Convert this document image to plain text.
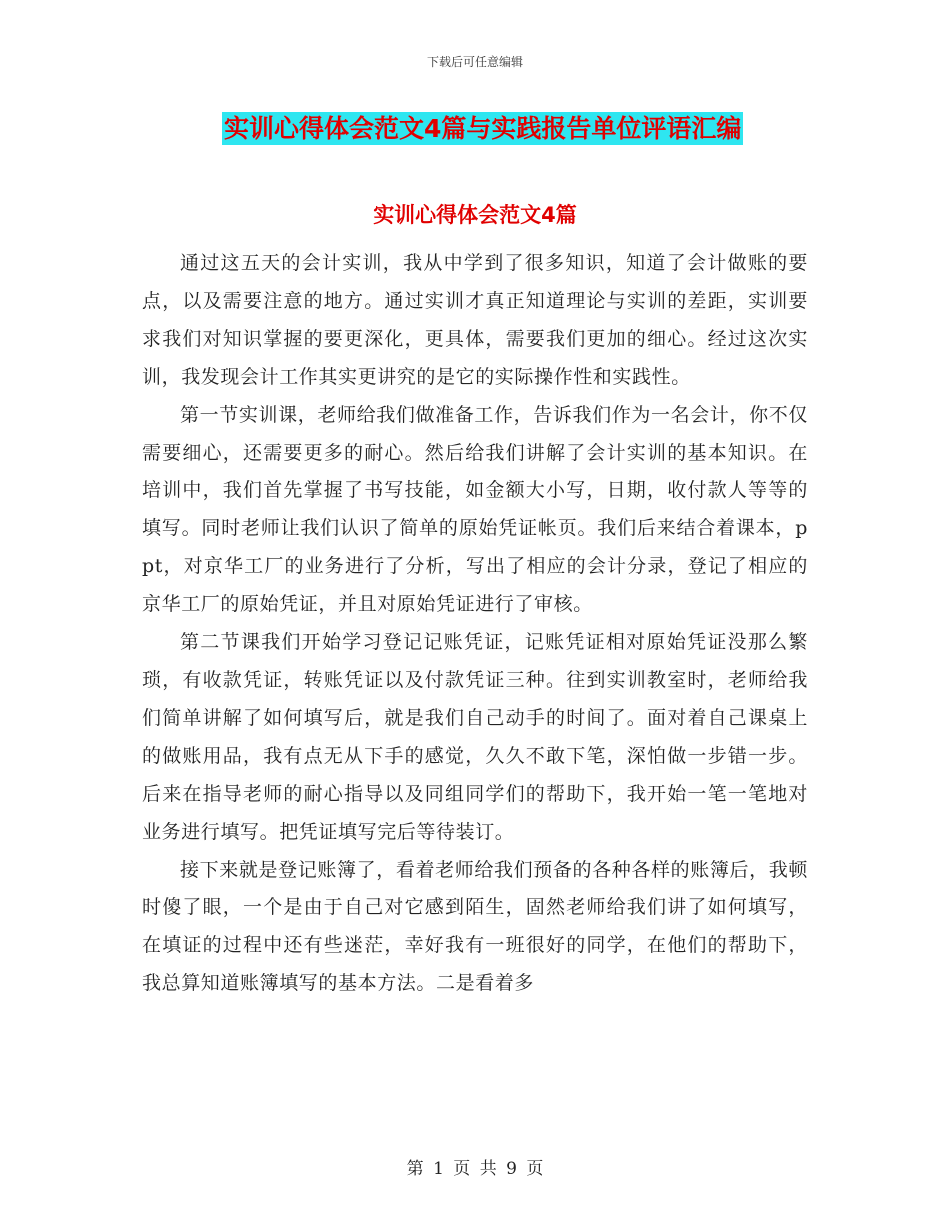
下载后可任意编辑
实训心得体会范文4篇与实践报告单位评语汇编
实训心得体会范文4篇

通过这五天的会计实训，我从中学到了很多知识，知道了会计做账的要点，以及需要注意的地方。通过实训才真正知道理论与实训的差距，实训要求我们对知识掌握的要更深化，更具体，需要我们更加的细心。经过这次实训，我发现会计工作其实更讲究的是它的实际操作性和实践性。

第一节实训课，老师给我们做准备工作，告诉我们作为一名会计，你不仅需要细心，还需要更多的耐心。然后给我们讲解了会计实训的基本知识。在培训中，我们首先掌握了书写技能，如金额大小写，日期，收付款人等等的填写。同时老师让我们认识了简单的原始凭证帐页。我们后来结合着课本，ppt，对京华工厂的业务进行了分析，写出了相应的会计分录，登记了相应的京华工厂的原始凭证，并且对原始凭证进行了审核。

第二节课我们开始学习登记记账凭证，记账凭证相对原始凭证没那么繁琐，有收款凭证，转账凭证以及付款凭证三种。往到实训教室时，老师给我们简单讲解了如何填写后，就是我们自己动手的时间了。面对着自己课桌上的做账用品，我有点无从下手的感觉，久久不敢下笔，深怕做一步错一步。后来在指导老师的耐心指导以及同组同学们的帮助下，我开始一笔一笔地对业务进行填写。把凭证填写完后等待装订。

接下来就是登记账簿了，看着老师给我们预备的各种各样的账簿后，我顿时傻了眼，一个是由于自己对它感到陌生，固然老师给我们讲了如何填写，在填证的过程中还有些迷茫，幸好我有一班很好的同学，在他们的帮助下，我总算知道账簿填写的基本方法。二是看着多

第 1 页 共 9 页
